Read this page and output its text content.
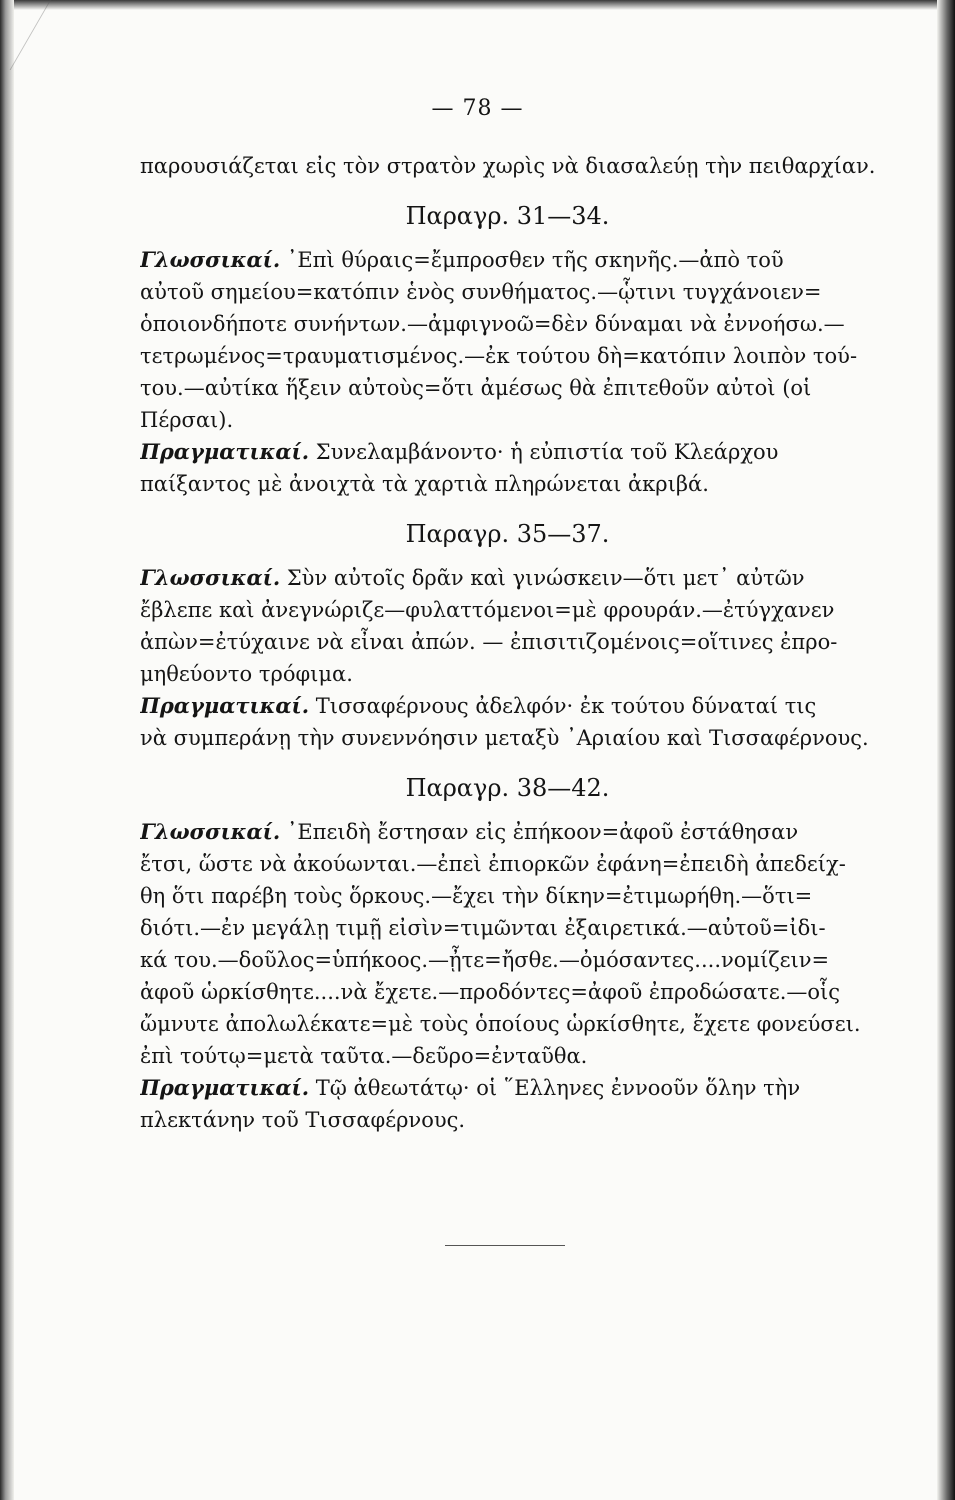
— 78 —
παρουσιάζεται εἰς τὸν στρατὸν χωρὶς νὰ διασαλεύῃ τὴν πειθαρχίαν.
Παραγρ. 31—34.
Γλωσσικαί. ᾿Επὶ θύραις=ἔμπροσθεν τῆς σκηνῆς.—ἀπὸ τοῦ
αὐτοῦ σημείου=κατόπιν ἑνὸς συνθήματος.—ᾧτινι τυγχάνοιεν=
ὁποιονδήποτε συνήντων.—ἀμφιγνοῶ=δὲν δύναμαι νὰ ἐννοήσω.—
τετρωμένος=τραυματισμένος.—ἐκ τούτου δὴ=κατόπιν λοιπὸν τού-
του.—αὐτίκα ἥξειν αὐτοὺς=ὅτι ἀμέσως θὰ ἐπιτεθοῦν αὐτοὶ (οἱ
Πέρσαι).
Πραγματικαί. Συνελαμβάνοντο· ἡ εὐπιστία τοῦ Κλεάρχου
παίξαντος μὲ ἀνοιχτὰ τὰ χαρτιὰ πληρώνεται ἀκριβά.
Παραγρ. 35—37.
Γλωσσικαί. Σὺν αὐτοῖς δρᾶν καὶ γινώσκειν—ὅτι μετ᾿ αὐτῶν
ἔβλεπε καὶ ἀνεγνώριζε—φυλαττόμενοι=μὲ φρουράν.—ἐτύγχανεν
ἀπὼν=ἐτύχαινε νὰ εἶναι ἀπών. — ἐπισιτιζομένοις=οἵτινες ἐπρο-
μηθεύοντο τρόφιμα.
Πραγματικαί. Τισσαφέρνους ἀδελφόν· ἐκ τούτου δύναταί τις
νὰ συμπεράνῃ τὴν συνεννόησιν μεταξὺ ᾿Αριαίου καὶ Τισσαφέρνους.
Παραγρ. 38—42.
Γλωσσικαί. ᾿Επειδὴ ἔστησαν εἰς ἐπήκοον=ἀφοῦ ἐστάθησαν
ἔτσι, ὥστε νὰ ἀκούωνται.—ἐπεὶ ἐπιορκῶν ἐφάνη=ἐπειδὴ ἀπεδείχ-
θη ὅτι παρέβη τοὺς ὅρκους.—ἔχει τὴν δίκην=ἐτιμωρήθη.—ὅτι=
διότι.—ἐν μεγάλῃ τιμῇ εἰσὶν=τιμῶνται ἐξαιρετικά.—αὐτοῦ=ἰδι-
κά του.—δοῦλος=ὑπήκοος.—ᾖτε=ἤσθε.—ὀμόσαντες....νομίζειν=
ἀφοῦ ὡρκίσθητε....νὰ ἔχετε.—προδόντες=ἀφοῦ ἐπροδώσατε.—οἷς
ὤμνυτε ἀπολωλέκατε=μὲ τοὺς ὁποίους ὡρκίσθητε, ἔχετε φονεύσει.
ἐπὶ τούτῳ=μετὰ ταῦτα.—δεῦρο=ἐνταῦθα.
Πραγματικαί. Τῷ ἀθεωτάτῳ· οἱ ῞Ελληνες ἐννοοῦν ὅλην τὴν
πλεκτάνην τοῦ Τισσαφέρνους.
